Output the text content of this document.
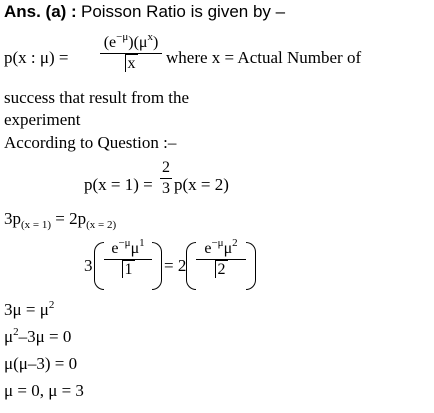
Ans. (a) : Poisson Ratio is given by –
p(x : μ) =
$(e^{-\mu})(\mu^x)$
x	where x = Actual Number of
success that result from the
experiment
According to Question :–
p(x = 1) =
2
3 p(x = 2)
$3p_{(x = 1)} = 2p_{(x = 2)}$
3
$e^{-\mu}\mu^1$
1	= 2
$e^{-\mu}\mu^2$
2
$3\mu = \mu^2$
$\mu^2-3\mu = 0$
μ(μ–3) = 0
μ = 0, μ = 3
